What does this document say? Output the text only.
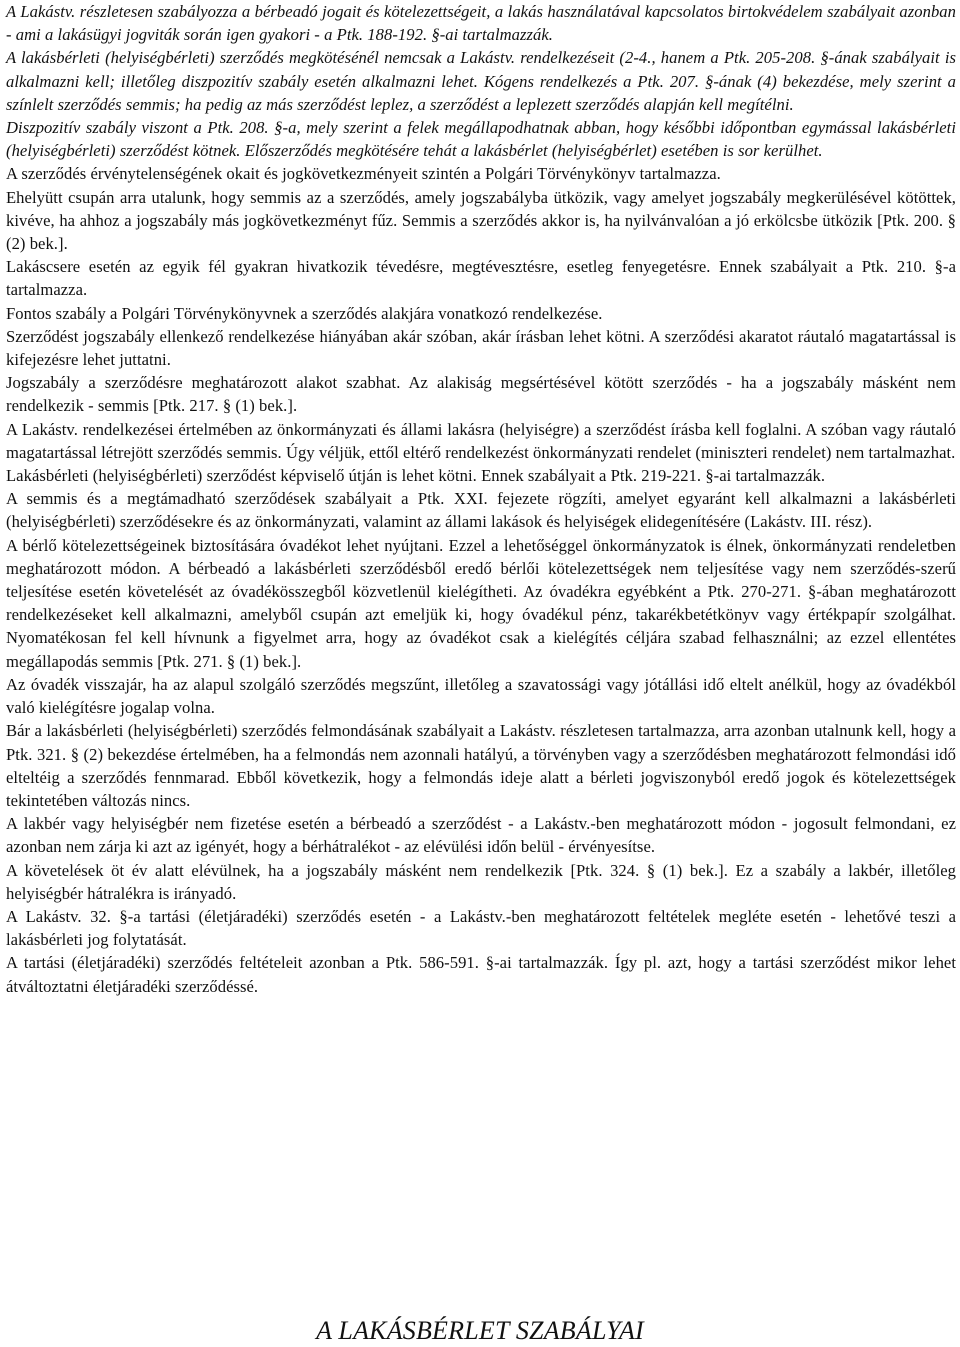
A Lakástv. részletesen szabályozza a bérbeadó jogait és kötelezettségeit, a lakás használatával kapcsolatos birtokvédelem szabályait azonban - ami a lakásügyi jogviták során igen gyakori - a Ptk. 188-192. §-ai tartalmazzák.

A lakásbérleti (helyiségbérleti) szerződés megkötésénél nemcsak a Lakástv. rendelkezéseit (2-4., hanem a Ptk. 205-208. §-ának szabályait is alkalmazni kell; illetőleg diszpozitív szabály esetén alkalmazni lehet. Kógens rendelkezés a Ptk. 207. §-ának (4) bekezdése, mely szerint a színlelt szerződés semmis; ha pedig az más szerződést leplez, a szerződést a leplezett szerződés alapján kell megítélni.

Diszpozitív szabály viszont a Ptk. 208. §-a, mely szerint a felek megállapodhatnak abban, hogy későbbi időpontban egymással lakásbérleti (helyiségbérleti) szerződést kötnek. Előszerződés megkötésére tehát a lakásbérlet (helyiségbérlet) esetében is sor kerülhet.

A szerződés érvénytelenségének okait és jogkövetkezményeit szintén a Polgári Törvénykönyv tartalmazza.

Ehelyütt csupán arra utalunk, hogy semmis az a szerződés, amely jogszabályba ütközik, vagy amelyet jogszabály megkerülésével kötöttek, kivéve, ha ahhoz a jogszabály más jogkövetkezményt fűz. Semmis a szerződés akkor is, ha nyilvánvalóan a jó erkölcsbe ütközik [Ptk. 200. § (2) bek.].

Lakáscsere esetén az egyik fél gyakran hivatkozik tévedésre, megtévesztésre, esetleg fenyegetésre. Ennek szabályait a Ptk. 210. §-a tartalmazza.

Fontos szabály a Polgári Törvénykönyvnek a szerződés alakjára vonatkozó rendelkezése.

Szerződést jogszabály ellenkező rendelkezése hiányában akár szóban, akár írásban lehet kötni. A szerződési akaratot ráutaló magatartással is kifejezésre lehet juttatni.

Jogszabály a szerződésre meghatározott alakot szabhat. Az alakiság megsértésével kötött szerződés - ha a jogszabály másként nem rendelkezik - semmis [Ptk. 217. § (1) bek.].

A Lakástv. rendelkezései értelmében az önkormányzati és állami lakásra (helyiségre) a szerződést írásba kell foglalni. A szóban vagy ráutaló magatartással létrejött szerződés semmis. Úgy véljük, ettől eltérő rendelkezést önkormányzati rendelet (miniszteri rendelet) nem tartalmazhat.

Lakásbérleti (helyiségbérleti) szerződést képviselő útján is lehet kötni. Ennek szabályait a Ptk. 219-221. §-ai tartalmazzák.

A semmis és a megtámadható szerződések szabályait a Ptk. XXI. fejezete rögzíti, amelyet egyaránt kell alkalmazni a lakásbérleti (helyiségbérleti) szerződésekre és az önkormányzati, valamint az állami lakások és helyiségek elidegenítésére (Lakástv. III. rész).

A bérlő kötelezettségeinek biztosítására óvadékot lehet nyújtani. Ezzel a lehetőséggel önkormányzatok is élnek, önkormányzati rendeletben meghatározott módon. A bérbeadó a lakásbérleti szerződésből eredő bérlői kötelezettségek nem teljesítése vagy nem szerződés-szerű teljesítése esetén követelését az óvadékösszegből közvetlenül kielégítheti. Az óvadékra egyébként a Ptk. 270-271. §-ában meghatározott rendelkezéseket kell alkalmazni, amelyből csupán azt emeljük ki, hogy óvadékul pénz, takarékbetétkönyv vagy értékpapír szolgálhat. Nyomatékosan fel kell hívnunk a figyelmet arra, hogy az óvadékot csak a kielégítés céljára szabad felhasználni; az ezzel ellentétes megállapodás semmis [Ptk. 271. § (1) bek.].

Az óvadék visszajár, ha az alapul szolgáló szerződés megszűnt, illetőleg a szavatossági vagy jótállási idő eltelt anélkül, hogy az óvadékból való kielégítésre jogalap volna.

Bár a lakásbérleti (helyiségbérleti) szerződés felmondásának szabályait a Lakástv. részletesen tartalmazza, arra azonban utalnunk kell, hogy a Ptk. 321. § (2) bekezdése értelmében, ha a felmondás nem azonnali hatályú, a törvényben vagy a szerződésben meghatározott felmondási idő elteltéig a szerződés fennmarad. Ebből következik, hogy a felmondás ideje alatt a bérleti jogviszonyból eredő jogok és kötelezettségek tekintetében változás nincs.

A lakbér vagy helyiségbér nem fizetése esetén a bérbeadó a szerződést - a Lakástv.-ben meghatározott módon - jogosult felmondani, ez azonban nem zárja ki azt az igényét, hogy a bérhátralékot - az elévülési időn belül - érvényesítse.

A követelések öt év alatt elévülnek, ha a jogszabály másként nem rendelkezik [Ptk. 324. § (1) bek.]. Ez a szabály a lakbér, illetőleg helyiségbér hátralékra is irányadó.

A Lakástv. 32. §-a tartási (életjáradéki) szerződés esetén - a Lakástv.-ben meghatározott feltételek megléte esetén - lehetővé teszi a lakásbérleti jog folytatását.

A tartási (életjáradéki) szerződés feltételeit azonban a Ptk. 586-591. §-ai tartalmazzák. Így pl. azt, hogy a tartási szerződést mikor lehet átváltoztatni életjáradéki szerződéssé.

A LAKÁSBÉRLET SZABÁLYAI
